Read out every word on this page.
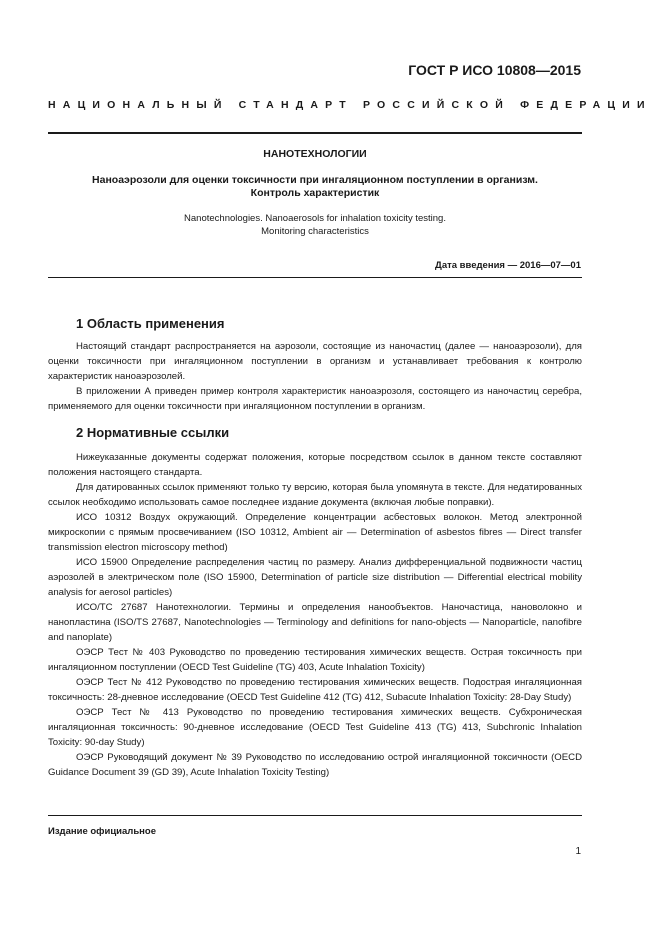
ГОСТ Р ИСО 10808—2015
НАЦИОНАЛЬНЫЙ СТАНДАРТ РОССИЙСКОЙ ФЕДЕРАЦИИ
НАНОТЕХНОЛОГИИ
Наноаэрозоли для оценки токсичности при ингаляционном поступлении в организм.
Контроль характеристик
Nanotechnologies. Nanoaerosols for inhalation toxicity testing.
Monitoring characteristics
Дата введения — 2016—07—01
1 Область применения

Настоящий стандарт распространяется на аэрозоли, состоящие из наночастиц (далее — наноаэрозоли), для оценки токсичности при ингаляционном поступлении в организм и устанавливает требования к контролю характеристик наноаэрозолей.

В приложении А приведен пример контроля характеристик наноаэрозоля, состоящего из наночастиц серебра, применяемого для оценки токсичности при ингаляционном поступлении в организм.

2 Нормативные ссылки

Нижеуказанные документы содержат положения, которые посредством ссылок в данном тексте составляют положения настоящего стандарта.

Для датированных ссылок применяют только ту версию, которая была упомянута в тексте. Для недатированных ссылок необходимо использовать самое последнее издание документа (включая любые поправки).

ИСО 10312 Воздух окружающий. Определение концентрации асбестовых волокон. Метод электронной микроскопии с прямым просвечиванием (ISO 10312, Ambient air — Determination of asbestos fibres — Direct transfer transmission electron microscopy method)

ИСО 15900 Определение распределения частиц по размеру. Анализ дифференциальной подвижности частиц аэрозолей в электрическом поле (ISO 15900, Determination of particle size distribution — Differential electrical mobility analysis for aerosol particles)

ИСО/ТС 27687 Нанотехнологии. Термины и определения нанообъектов. Наночастица, нановолокно и нанопластина (ISO/TS 27687, Nanotechnologies — Terminology and definitions for nano-objects — Nanoparticle, nanofibre and nanoplate)

ОЭСР Тест № 403 Руководство по проведению тестирования химических веществ. Острая токсичность при ингаляционном поступлении (OECD Test Guideline (TG) 403, Acute Inhalation Toxicity)

ОЭСР Тест № 412 Руководство по проведению тестирования химических веществ. Подострая ингаляционная токсичность: 28-дневное исследование (OECD Test Guideline 412 (TG) 412, Subacute Inhalation Toxicity: 28-Day Study)

ОЭСР Тест № 413 Руководство по проведению тестирования химических веществ. Субхроническая ингаляционная токсичность: 90-дневное исследование (OECD Test Guideline 413 (TG) 413, Subchronic Inhalation Toxicity: 90-day Study)

ОЭСР Руководящий документ № 39 Руководство по исследованию острой ингаляционной токсичности (OECD Guidance Document 39 (GD 39), Acute Inhalation Toxicity Testing)

Издание официальное
1
